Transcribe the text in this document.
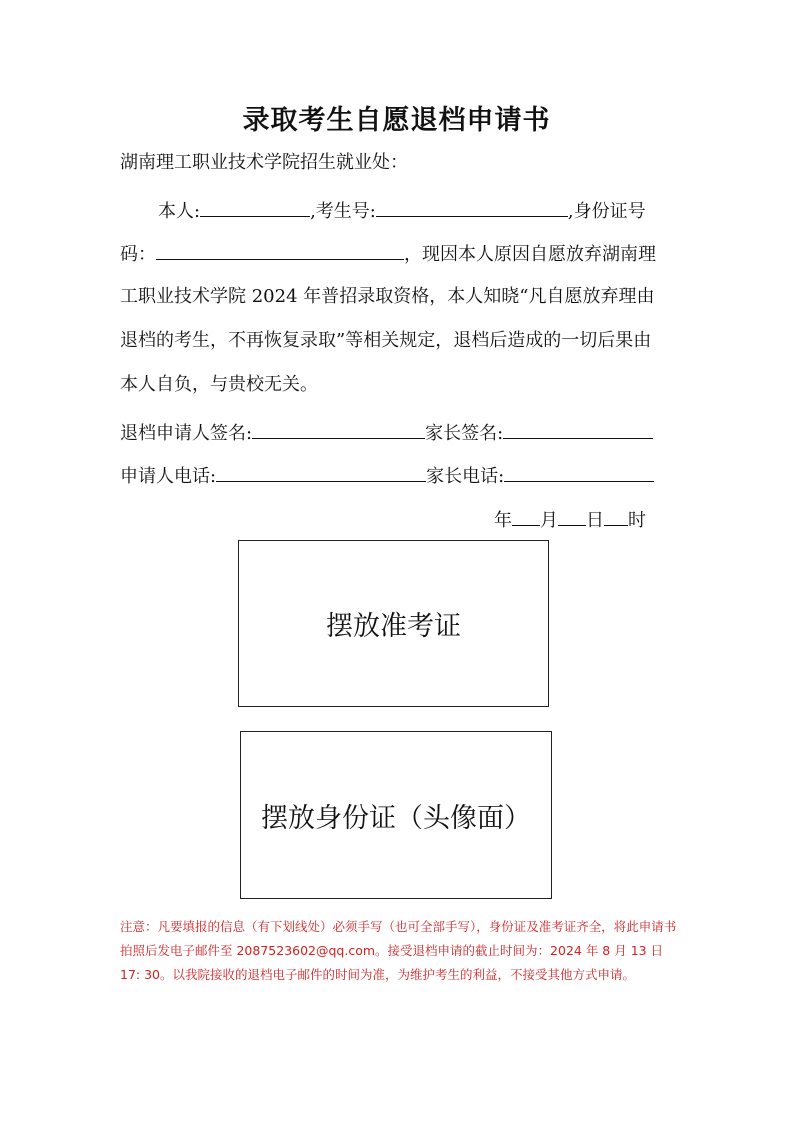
录取考生自愿退档申请书
湖南理工职业技术学院招生就业处：
本人:	,考生号:	,身份证号
码：	，现因本人原因自愿放弃湖南理
工职业技术学院 2024 年普招录取资格，本人知晓“凡自愿放弃理由
退档的考生，不再恢复录取”等相关规定，退档后造成的一切后果由
本人自负，与贵校无关。
退档申请人签名:	家长签名:
申请人电话:	家长电话:
年 月 日 时
摆放准考证
摆放身份证（头像面）
注意：凡要填报的信息（有下划线处）必须手写（也可全部手写），身份证及准考证齐全，将此申请书拍照后发电子邮件至 2087523602@qq.com。接受退档申请的截止时间为：2024 年 8 月 13 日 17: 30。以我院接收的退档电子邮件的时间为准，为维护考生的利益，不接受其他方式申请。
